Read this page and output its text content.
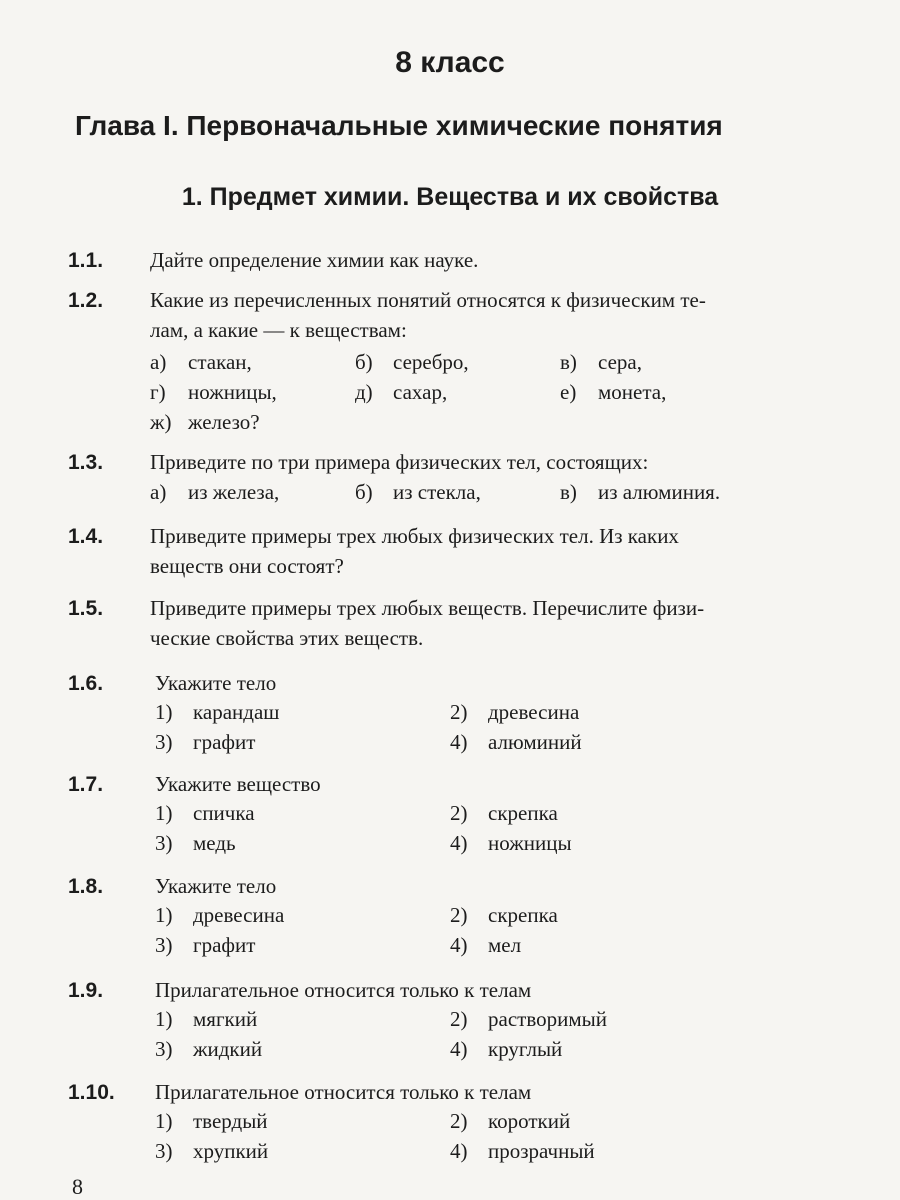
8 класс
Глава I. Первоначальные химические понятия
1. Предмет химии. Вещества и их свойства
1.1. Дайте определение химии как науке.
1.2. Какие из перечисленных понятий относятся к физическим те-
лам, а какие — к веществам:
а) стакан,	б) серебро,	в) сера,
г) ножницы,	д) сахар,	е) монета,
ж) железо?
1.3. Приведите по три примера физических тел, состоящих:
а) из железа,	б) из стекла,	в) из алюминия.
1.4. Приведите примеры трех любых физических тел. Из каких
веществ они состоят?
1.5. Приведите примеры трех любых веществ. Перечислите физи-
ческие свойства этих веществ.
1.6. Укажите тело
1) карандаш	2) древесина
3) графит	4) алюминий
1.7. Укажите вещество
1) спичка	2) скрепка
3) медь	4) ножницы
1.8. Укажите тело
1) древесина	2) скрепка
3) графит	4) мел
1.9. Прилагательное относится только к телам
1) мягкий	2) растворимый
3) жидкий	4) круглый
1.10. Прилагательное относится только к телам
1) твердый	2) короткий
3) хрупкий	4) прозрачный
8
